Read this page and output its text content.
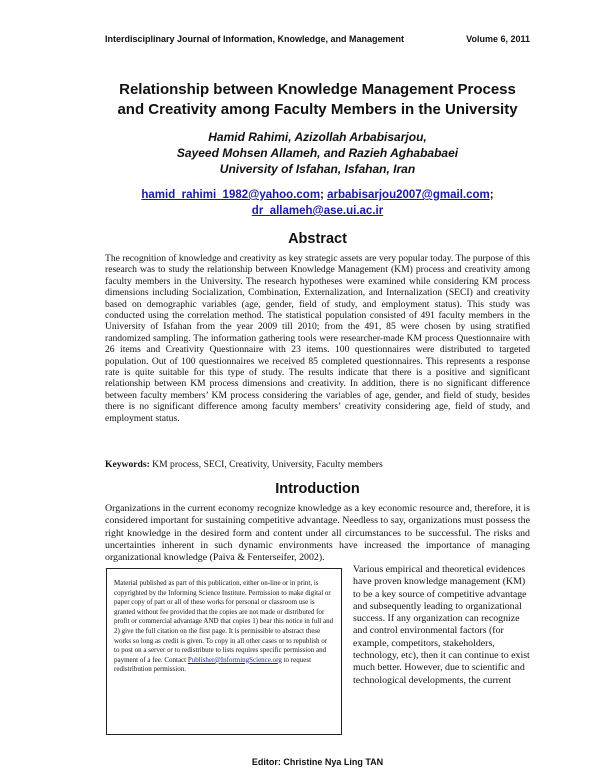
Interdisciplinary Journal of Information, Knowledge, and Management	Volume 6, 2011
Relationship between Knowledge Management Process
and Creativity among Faculty Members in the University
Hamid Rahimi, Azizollah Arbabisarjou,
Sayeed Mohsen Allameh, and Razieh Aghababaei
University of Isfahan, Isfahan, Iran
hamid_rahimi_1982@yahoo.com; arbabisarjou2007@gmail.com;
dr_allameh@ase.ui.ac.ir
Abstract
The recognition of knowledge and creativity as key strategic assets are very popular today. The purpose of this research was to study the relationship between Knowledge Management (KM) process and creativity among faculty members in the University. The research hypotheses were examined while considering KM process dimensions including Socialization, Combination, Externalization, and Internalization (SECI) and creativity based on demographic variables (age, gender, field of study, and employment status). This study was conducted using the correlation method. The statistical population consisted of 491 faculty members in the University of Isfahan from the year 2009 till 2010; from the 491, 85 were chosen by using stratified randomized sampling. The information gathering tools were researcher-made KM process Questionnaire with 26 items and Creativity Questionnaire with 23 items. 100 questionnaires were distributed to targeted population. Out of 100 questionnaires we received 85 completed questionnaires. This represents a response rate is quite suitable for this type of study. The results indicate that there is a positive and significant relationship between KM process dimensions and creativity. In addition, there is no significant difference between faculty members’ KM process considering the variables of age, gender, and field of study, besides there is no significant difference among faculty members’ creativity considering age, field of study, and employment status.
Keywords: KM process, SECI, Creativity, University, Faculty members
Introduction
Organizations in the current economy recognize knowledge as a key economic resource and, therefore, it is considered important for sustaining competitive advantage. Needless to say, organizations must possess the right knowledge in the desired form and content under all circumstances to be successful. The risks and uncertainties inherent in such dynamic environments have increased the importance of managing organizational knowledge (Paiva & Fenterseifer, 2002).
Various empirical and theoretical evidences have proven knowledge management (KM) to be a key source of competitive advantage and subsequently leading to organizational success. If any organization can recognize and control environmental factors (for example, competitors, stakeholders, technology, etc), then it can continue to exist much better. However, due to scientific and technological developments, the current
Material published as part of this publication, either on-line or in print, is copyrighted by the Informing Science Institute. Permission to make digital or paper copy of part or all of these works for personal or classroom use is granted without fee provided that the copies are not made or distributed for profit or commercial advantage AND that copies 1) bear this notice in full and 2) give the full citation on the first page. It is permissible to abstract these works so long as credit is given. To copy in all other cases or to republish or to post on a server or to redistribute to lists requires specific permission and payment of a fee. Contact Publisher@InformingScience.org to request redistribution permission.
Editor: Christine Nya Ling TAN
